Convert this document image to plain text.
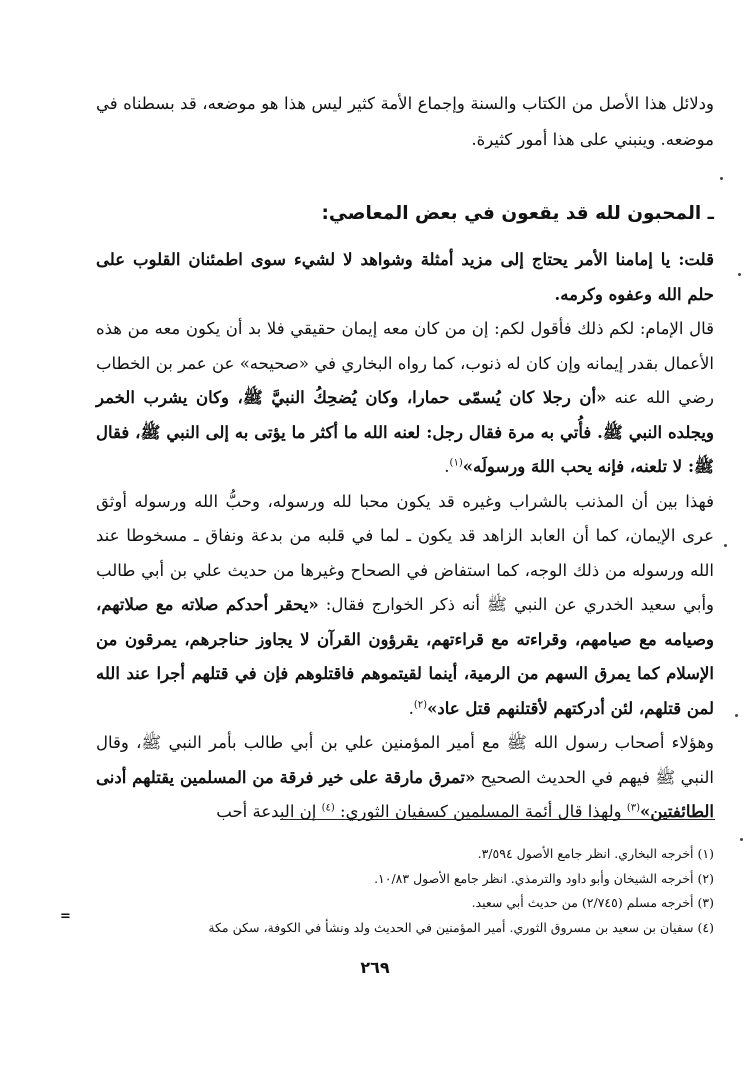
ودلائل هذا الأصل من الكتاب والسنة وإجماع الأمة كثير ليس هذا هو موضعه، قد بسطناه في موضعه. وينبني على هذا أمور كثيرة.

ـ المحبون لله قد يقعون في بعض المعاصي:

قلت: يا إمامنا الأمر يحتاج إلى مزيد أمثلة وشواهد لا لشيء سوى اطمئنان القلوب على حلم الله وعفوه وكرمه.

قال الإمام: لكم ذلك فأقول لكم: إن من كان معه إيمان حقيقي فلا بد أن يكون معه من هذه الأعمال بقدر إيمانه وإن كان له ذنوب، كما رواه البخاري في «صحيحه» عن عمر بن الخطاب رضي الله عنه «أن رجلا كان يُسمّى حمارا، وكان يُضحِكُ النبيَّ ﷺ، وكان يشرب الخمر ويجلده النبي ﷺ. فأُتي به مرة فقال رجل: لعنه الله ما أكثر ما يؤتى به إلى النبي ﷺ، فقال ﷺ: لا تلعنه، فإنه يحب اللهَ ورسولَه»$^{(١)}$.

فهذا بين أن المذنب بالشراب وغيره قد يكون محبا لله ورسوله، وحبُّ الله ورسوله أوثق عرى الإيمان، كما أن العابد الزاهد قد يكون ـ لما في قلبه من بدعة ونفاق ـ مسخوطا عند الله ورسوله من ذلك الوجه، كما استفاض في الصحاح وغيرها من حديث علي بن أبي طالب وأبي سعيد الخدري عن النبي ﷺ أنه ذكر الخوارج فقال: «يحقر أحدكم صلاته مع صلاتهم، وصيامه مع صيامهم، وقراءته مع قراءتهم، يقرؤون القرآن لا يجاوز حناجرهم، يمرقون من الإسلام كما يمرق السهم من الرمية، أينما لقيتموهم فاقتلوهم فإن في قتلهم أجرا عند الله لمن قتلهم، لئن أدركتهم لأقتلنهم قتل عاد»$^{(٢)}$.

وهؤلاء أصحاب رسول الله ﷺ مع أمير المؤمنين علي بن أبي طالب بأمر النبي ﷺ، وقال النبي ﷺ فيهم في الحديث الصحيح «تمرق مارقة على خير فرقة من المسلمين يقتلهم أدنى الطائفتين»$^{(٣)}$ ولهذا قال أئمة المسلمين كسفيان الثوري: $^{(٤)}$ إن البدعة أحب

(١) أخرجه البخاري. انظر جامع الأصول ٣/٥٩٤.

(٢) أخرجه الشيخان وأبو داود والترمذي. انظر جامع الأصول ١٠/٨٣.

(٣) أخرجه مسلم (٢/٧٤٥) من حديث أبي سعيد.

(٤) سفيان بن سعيد بن مسروق الثوري. أمير المؤمنين في الحديث ولد ونشأ في الكوفة، سكن مكة

=
٢٦٩
